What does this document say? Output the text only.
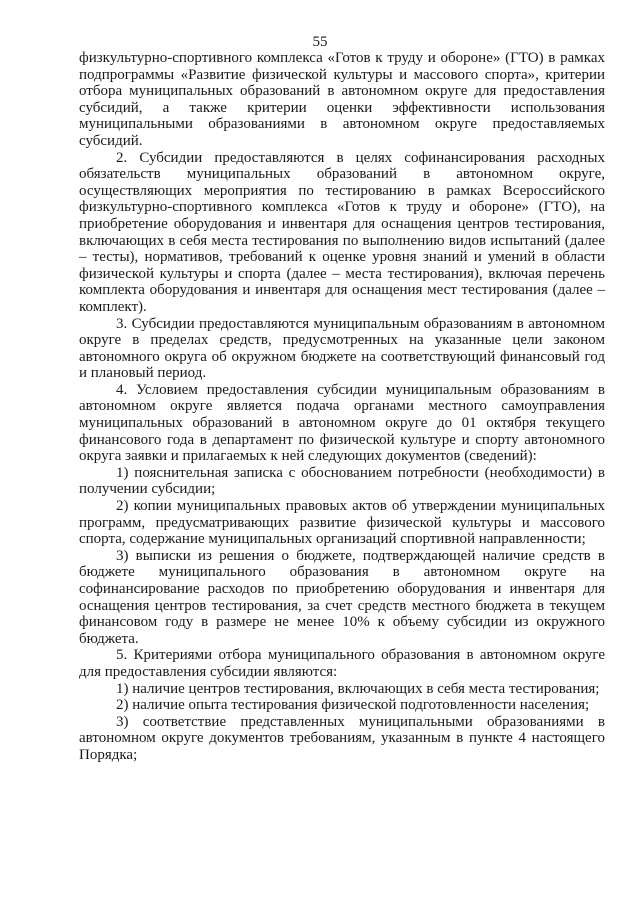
55

физкультурно-спортивного комплекса «Готов к труду и обороне» (ГТО) в рамках подпрограммы «Развитие физической культуры и массового спорта», критерии отбора муниципальных образований в автономном округе для предоставления субсидий, а также критерии оценки эффективности использования муниципальными образованиями в автономном округе предоставляемых субсидий.

2. Субсидии предоставляются в целях софинансирования расходных обязательств муниципальных образований в автономном округе, осуществляющих мероприятия по тестированию в рамках Всероссийского физкультурно-спортивного комплекса «Готов к труду и обороне» (ГТО), на приобретение оборудования и инвентаря для оснащения центров тестирования, включающих в себя места тестирования по выполнению видов испытаний (далее – тесты), нормативов, требований к оценке уровня знаний и умений в области физической культуры и спорта (далее – места тестирования), включая перечень комплекта оборудования и инвентаря для оснащения мест тестирования (далее – комплект).

3. Субсидии предоставляются муниципальным образованиям в автономном округе в пределах средств, предусмотренных на указанные цели законом автономного округа об окружном бюджете на соответствующий финансовый год и плановый период.

4. Условием предоставления субсидии муниципальным образованиям в автономном округе является подача органами местного самоуправления муниципальных образований в автономном округе до 01 октября текущего финансового года в департамент по физической культуре и спорту автономного округа заявки и прилагаемых к ней следующих документов (сведений):

1) пояснительная записка с обоснованием потребности (необходимости) в получении субсидии;

2) копии муниципальных правовых актов об утверждении муниципальных программ, предусматривающих развитие физической культуры и массового спорта, содержание муниципальных организаций спортивной направленности;

3) выписки из решения о бюджете, подтверждающей наличие средств в бюджете муниципального образования в автономном округе на софинансирование расходов по приобретению оборудования и инвентаря для оснащения центров тестирования, за счет средств местного бюджета в текущем финансовом году в размере не менее 10% к объему субсидии из окружного бюджета.

5. Критериями отбора муниципального образования в автономном округе для предоставления субсидии являются:

1) наличие центров тестирования, включающих в себя места тестирования;

2) наличие опыта тестирования физической подготовленности населения;

3) соответствие представленных муниципальными образованиями в автономном округе документов требованиям, указанным в пункте 4 настоящего Порядка;
